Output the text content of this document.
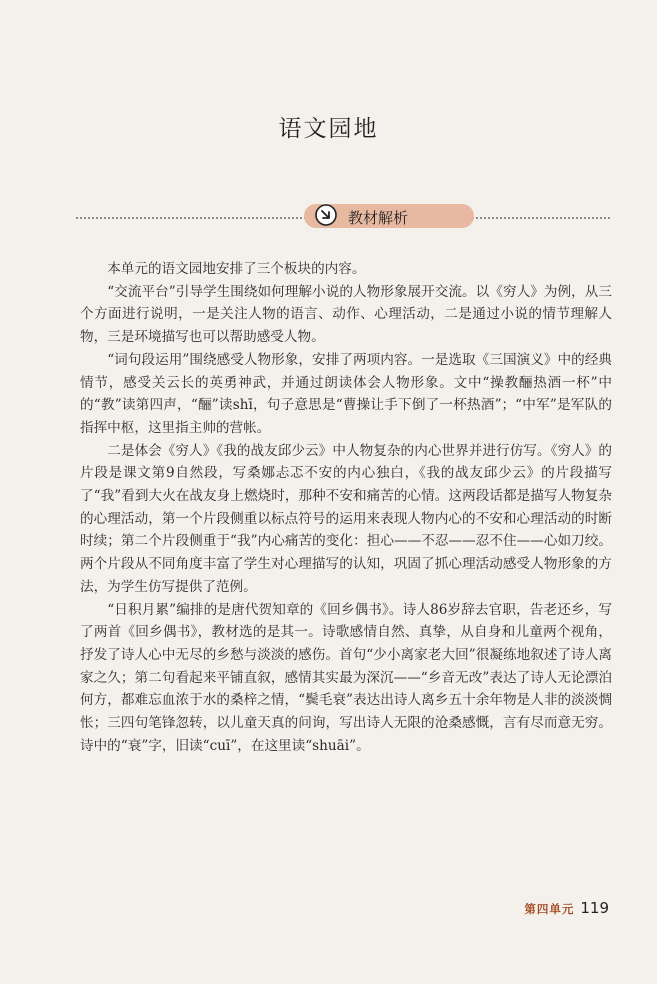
语文园地
教材解析

本单元的语文园地安排了三个板块的内容。

“交流平台”引导学生围绕如何理解小说的人物形象展开交流。以《穷人》为例，从三个方面进行说明，一是关注人物的语言、动作、心理活动，二是通过小说的情节理解人物，三是环境描写也可以帮助感受人物。

“词句段运用”围绕感受人物形象，安排了两项内容。一是选取《三国演义》中的经典情节，感受关云长的英勇神武，并通过朗读体会人物形象。文中“操教酾热酒一杯”中的“教”读第四声，“酾”读shī，句子意思是“曹操让手下倒了一杯热酒”；“中军”是军队的指挥中枢，这里指主帅的营帐。

二是体会《穷人》《我的战友邱少云》中人物复杂的内心世界并进行仿写。《穷人》的片段是课文第9自然段，写桑娜忐忑不安的内心独白，《我的战友邱少云》的片段描写了“我”看到大火在战友身上燃烧时，那种不安和痛苦的心情。这两段话都是描写人物复杂的心理活动，第一个片段侧重以标点符号的运用来表现人物内心的不安和心理活动的时断时续；第二个片段侧重于“我”内心痛苦的变化：担心——不忍——忍不住——心如刀绞。两个片段从不同角度丰富了学生对心理描写的认知，巩固了抓心理活动感受人物形象的方法，为学生仿写提供了范例。

“日积月累”编排的是唐代贺知章的《回乡偶书》。诗人86岁辞去官职，告老还乡，写了两首《回乡偶书》，教材选的是其一。诗歌感情自然、真挚，从自身和儿童两个视角，抒发了诗人心中无尽的乡愁与淡淡的感伤。首句“少小离家老大回”很凝练地叙述了诗人离家之久；第二句看起来平铺直叙，感情其实最为深沉——“乡音无改”表达了诗人无论漂泊何方，都难忘血浓于水的桑梓之情，“鬓毛衰”表达出诗人离乡五十余年物是人非的淡淡惆怅；三四句笔锋忽转，以儿童天真的问询，写出诗人无限的沧桑感慨，言有尽而意无穷。诗中的“衰”字，旧读“cuī”，在这里读“shuāi”。

第四单元 119
